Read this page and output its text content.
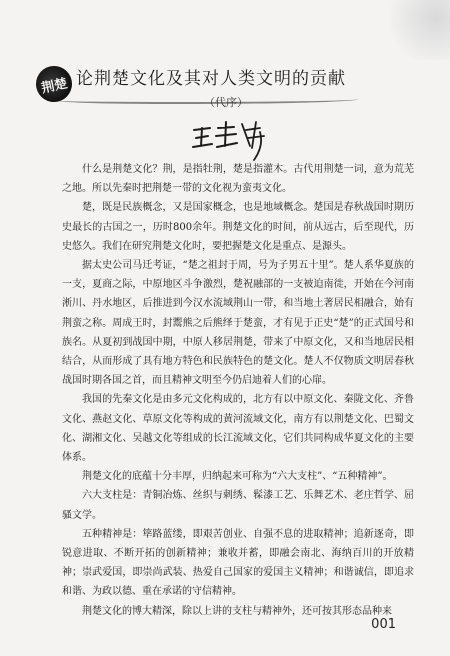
荆楚 论荆楚文化及其对人类文明的贡献
（代序）

什么是荆楚文化？荆，是指牡荆，楚是指灌木。古代用荆楚一词，意为荒芜之地。所以先秦时把荆楚一带的文化视为蛮夷文化。

楚，既是民族概念，又是国家概念，也是地域概念。楚国是春秋战国时期历史最长的古国之一，历时800余年。荆楚文化的时间，前从远古，后至现代，历史悠久。我们在研究荆楚文化时，要把握楚文化是重点、是源头。

据太史公司马迁考证，“楚之祖封于周，号为子男五十里”。楚人系华夏族的一支，夏商之际，中原地区斗争激烈，楚祝融部的一支被迫南徙，开始在今河南淅川、丹水地区，后推进到今汉水流域荆山一带，和当地土著居民相融合，始有荆蛮之称。周成王时，封鬻熊之后熊绎于楚蛮，才有见于正史“楚”的正式国号和族名。从夏初到战国中期，中原人移居荆楚，带来了中原文化，又和当地居民相结合，从而形成了具有地方特色和民族特色的楚文化。楚人不仅物质文明居春秋战国时期各国之首，而且精神文明至今仍启迪着人们的心扉。

我国的先秦文化是由多元文化构成的，北方有以中原文化、秦陇文化、齐鲁文化、燕赵文化、草原文化等构成的黄河流域文化，南方有以荆楚文化、巴蜀文化、湖湘文化、吴越文化等组成的长江流域文化，它们共同构成华夏文化的主要体系。

荆楚文化的底蕴十分丰厚，归纳起来可称为“六大支柱”、“五种精神”。

六大支柱是：青铜冶炼、丝织与刺绣、髹漆工艺、乐舞艺术、老庄哲学、屈骚文学。

五种精神是：筚路蓝缕，即艰苦创业、自强不息的进取精神；追新逐奇，即锐意进取、不断开拓的创新精神；兼收并蓄，即融会南北、海纳百川的开放精神；崇武爱国，即崇尚武装、热爱自己国家的爱国主义精神；和谐诚信，即追求和谐、为政以德、重在承诺的守信精神。

荆楚文化的博大精深，除以上讲的支柱与精神外，还可按其形态品种来

001
